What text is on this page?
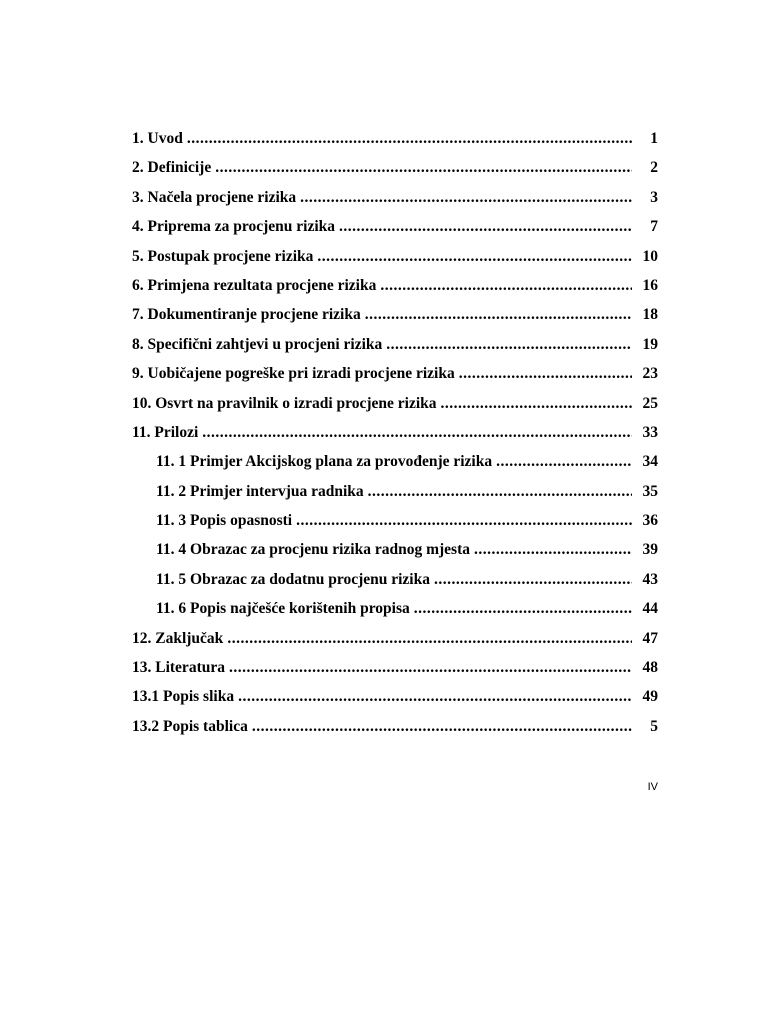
1. Uvod .....	1
2. Definicije .....	2
3. Načela procjene rizika .....	3
4. Priprema za procjenu rizika .....	7
5. Postupak procjene rizika .....	10
6. Primjena rezultata procjene rizika .....	16
7. Dokumentiranje procjene rizika .....	18
8. Specifični zahtjevi u procjeni rizika .....	19
9. Uobičajene pogreške pri izradi procjene rizika .....	23
10. Osvrt na pravilnik o izradi procjene rizika .....	25
11. Prilozi .....	33
11. 1 Primjer Akcijskog plana za provođenje rizika .....	34
11. 2 Primjer intervjua radnika .....	35
11. 3 Popis opasnosti .....	36
11. 4 Obrazac za procjenu rizika radnog mjesta .....	39
11. 5 Obrazac za dodatnu procjenu rizika .....	43
11. 6 Popis najčešće korištenih propisa .....	44
12. Zaključak .....	47
13. Literatura .....	48
13.1 Popis slika .....	49
13.2 Popis tablica .....	5
IV
